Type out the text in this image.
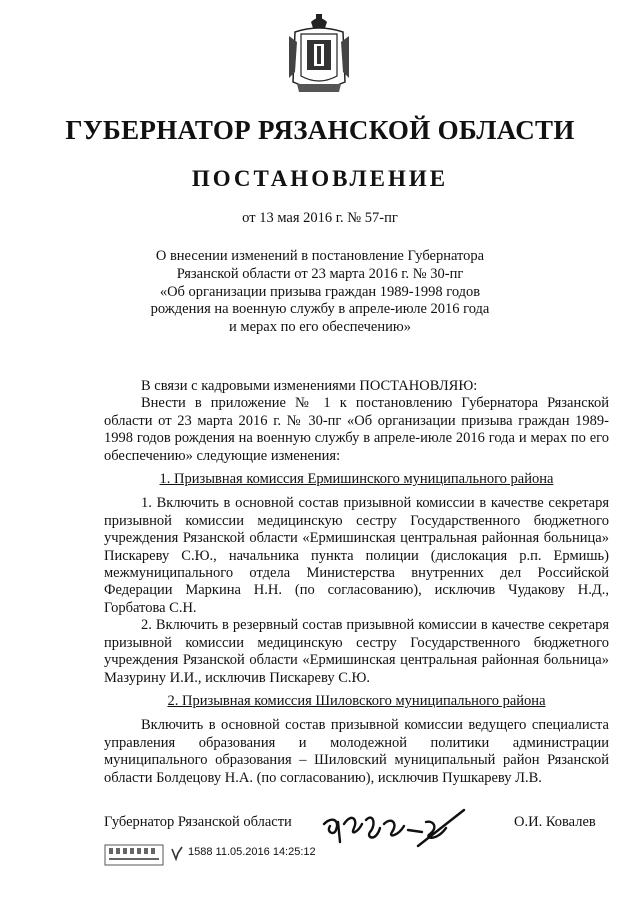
ГУБЕРНАТОР РЯЗАНСКОЙ ОБЛАСТИ
ПОСТАНОВЛЕНИЕ
от 13 мая 2016 г. № 57-пг
О внесении изменений в постановление Губернатора
Рязанской области от 23 марта 2016 г. № 30-пг
«Об организации призыва граждан 1989-1998 годов
рождения на военную службу в апреле-июле 2016 года
и мерах по его обеспечению»

В связи с кадровыми изменениями ПОСТАНОВЛЯЮ:

Внести в приложение № 1 к постановлению Губернатора Рязанской области от 23 марта 2016 г. № 30-пг «Об организации призыва граждан 1989-1998 годов рождения на военную службу в апреле-июле 2016 года и мерах по его обеспечению» следующие изменения:

1. Призывная комиссия Ермишинского муниципального района

1. Включить в основной состав призывной комиссии в качестве секретаря призывной комиссии медицинскую сестру Государственного бюджетного учреждения Рязанской области «Ермишинская центральная районная больница» Пискареву С.Ю., начальника пункта полиции (дислокация р.п. Ермишь) межмуниципального отдела Министерства внутренних дел Российской Федерации Маркина Н.Н. (по согласованию), исключив Чудакову Н.Д., Горбатова С.Н.

2. Включить в резервный состав призывной комиссии в качестве секретаря призывной комиссии медицинскую сестру Государственного бюджетного учреждения Рязанской области «Ермишинская центральная районная больница» Мазурину И.И., исключив Пискареву С.Ю.

2. Призывная комиссия Шиловского муниципального района

Включить в основной состав призывной комиссии ведущего специалиста управления образования и молодежной политики администрации муниципального образования – Шиловский муниципальный район Рязанской области Болдецову Н.А. (по согласованию), исключив Пушкареву Л.В.

Губернатор Рязанской области	О.И. Ковалев
1588 11.05.2016 14:25:12
